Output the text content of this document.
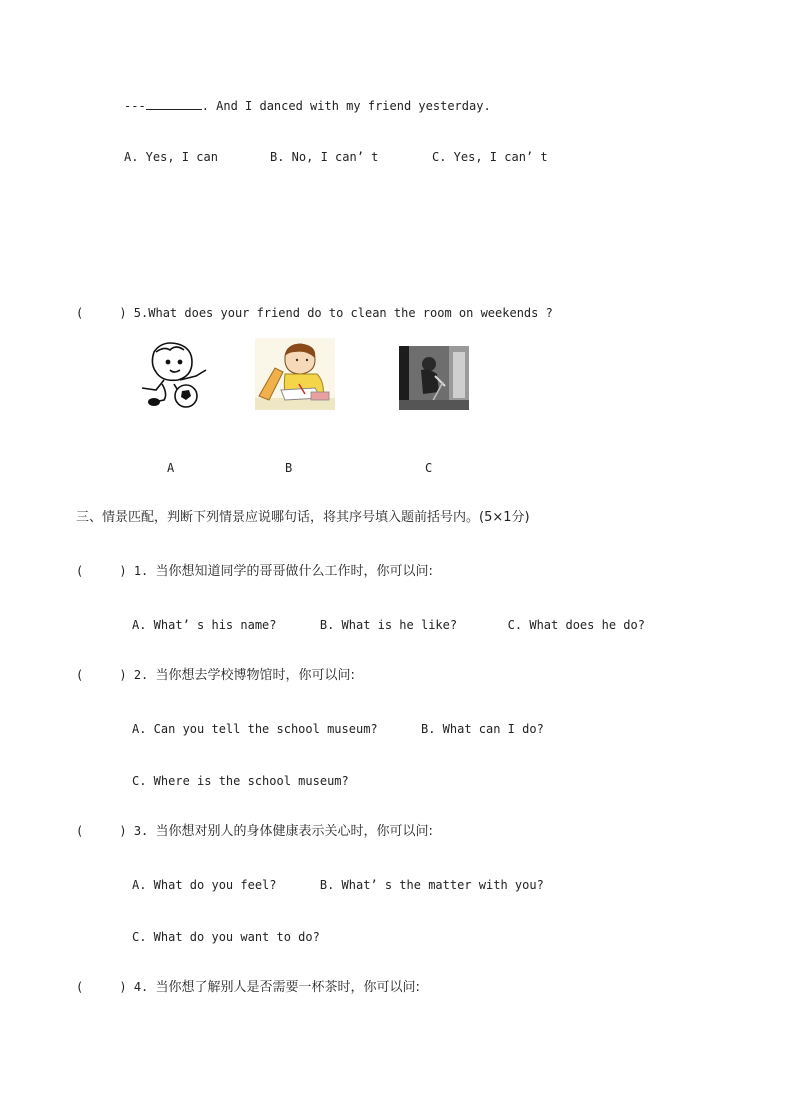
---	. And I danced with my friend yesterday.
A. Yes, I can	B. No, I can’ t	C. Yes, I can’ t
(     ) 5.What does your friend do to clean the room on weekends ?
A	B	C
三、情景匹配，判断下列情景应说哪句话，将其序号填入题前括号内。(5×1分)
(     ) 1. 当你想知道同学的哥哥做什么工作时，你可以问:
A. What’ s his name?      B. What is he like?       C. What does he do?
(     ) 2. 当你想去学校博物馆时，你可以问:
A. Can you tell the school museum?      B. What can I do?
C. Where is the school museum?
(     ) 3. 当你想对别人的身体健康表示关心时，你可以问:
A. What do you feel?      B. What’ s the matter with you?
C. What do you want to do?
(     ) 4. 当你想了解别人是否需要一杯茶时，你可以问:
